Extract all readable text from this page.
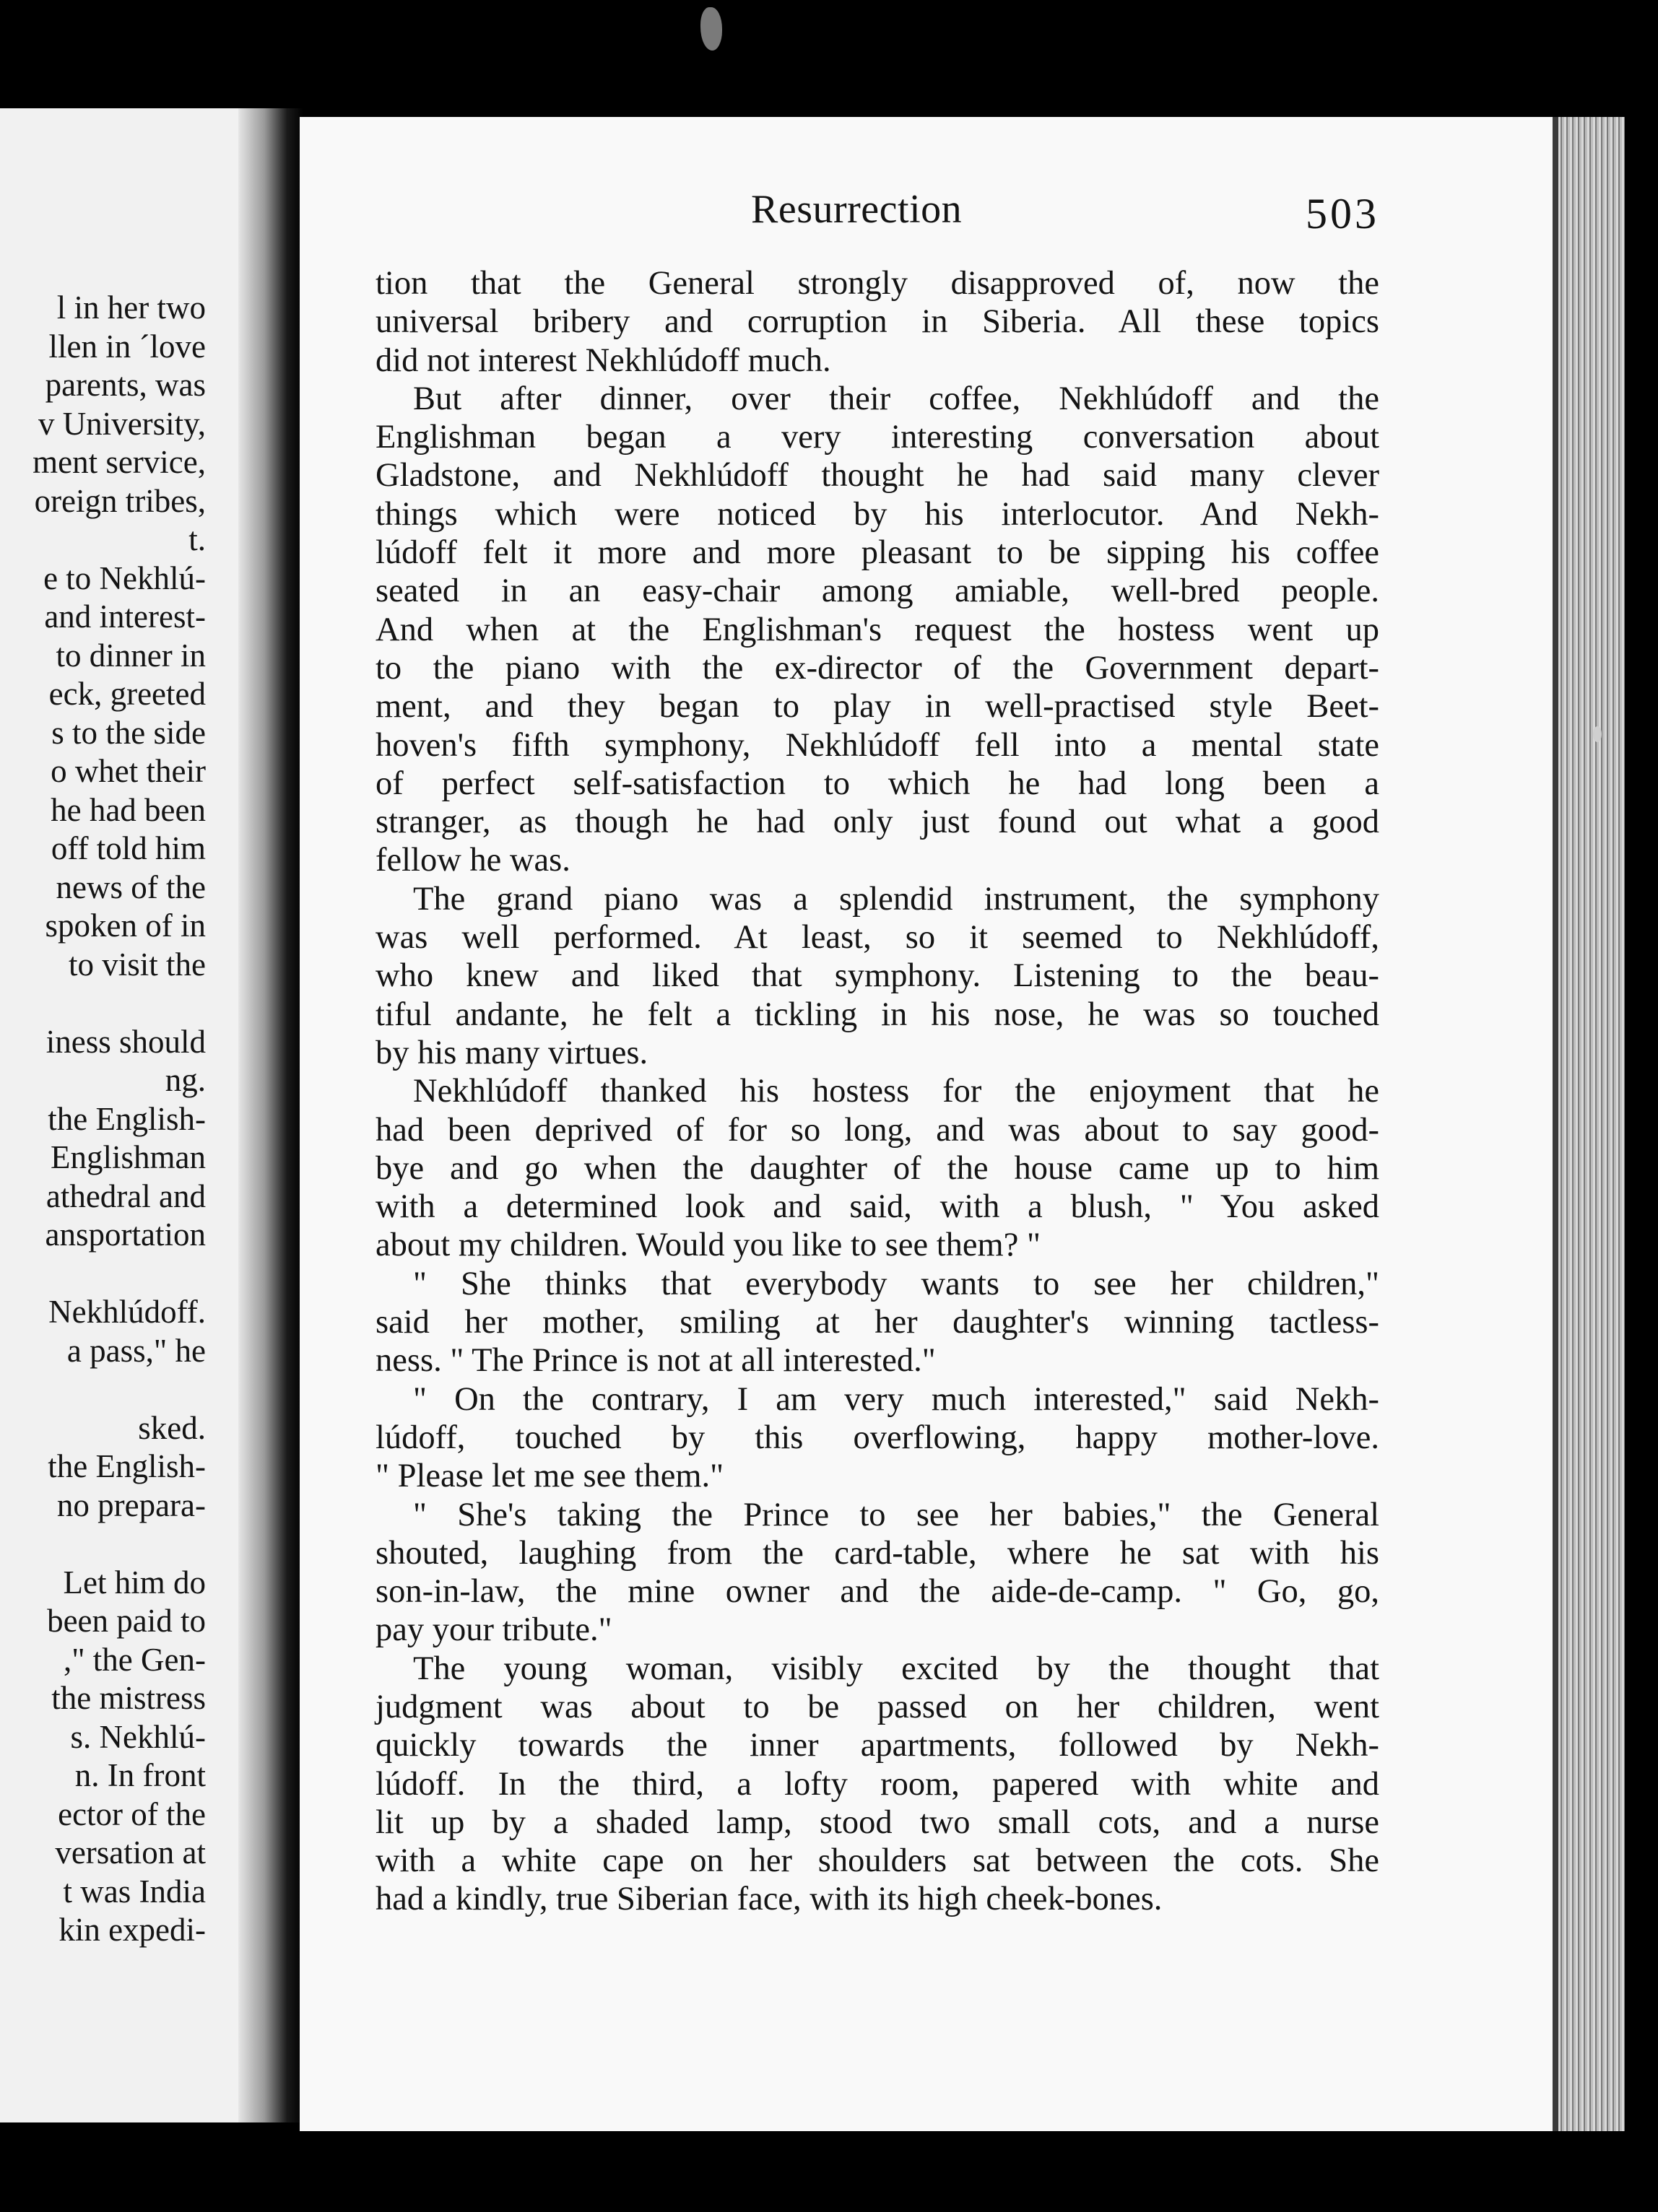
l in her two
llen in ˊlove
parents, was
v University,
ment service,
oreign tribes,
t.
e to Nekhlú-
and interest-
to dinner in
eck, greeted
s to the side
o whet their
he had been
off told him
news of the
spoken of in
to visit the
iness should
ng.
the English-
Englishman
athedral and
ansportation
Nekhlúdoff.
a pass," he
sked.
the English-
no prepara-
Let him do
been paid to
," the Gen-
the mistress
s. Nekhlú-
n. In front
ector of the
versation at
t was India
kin expedi-
Resurrection	503
tion that the General strongly disapproved of, now the
universal bribery and corruption in Siberia. All these topics
did not interest Nekhlúdoff much.
But after dinner, over their coffee, Nekhlúdoff and the
Englishman began a very interesting conversation about
Gladstone, and Nekhlúdoff thought he had said many clever
things which were noticed by his interlocutor. And Nekh-
lúdoff felt it more and more pleasant to be sipping his coffee
seated in an easy-chair among amiable, well-bred people.
And when at the Englishman's request the hostess went up
to the piano with the ex-director of the Government depart-
ment, and they began to play in well-practised style Beet-
hoven's fifth symphony, Nekhlúdoff fell into a mental state
of perfect self-satisfaction to which he had long been a
stranger, as though he had only just found out what a good
fellow he was.
The grand piano was a splendid instrument, the symphony
was well performed. At least, so it seemed to Nekhlúdoff,
who knew and liked that symphony. Listening to the beau-
tiful andante, he felt a tickling in his nose, he was so touched
by his many virtues.
Nekhlúdoff thanked his hostess for the enjoyment that he
had been deprived of for so long, and was about to say good-
bye and go when the daughter of the house came up to him
with a determined look and said, with a blush, " You asked
about my children. Would you like to see them? "
" She thinks that everybody wants to see her children,"
said her mother, smiling at her daughter's winning tactless-
ness. " The Prince is not at all interested."
" On the contrary, I am very much interested," said Nekh-
lúdoff, touched by this overflowing, happy mother-love.
" Please let me see them."
" She's taking the Prince to see her babies," the General
shouted, laughing from the card-table, where he sat with his
son-in-law, the mine owner and the aide-de-camp. " Go, go,
pay your tribute."
The young woman, visibly excited by the thought that
judgment was about to be passed on her children, went
quickly towards the inner apartments, followed by Nekh-
lúdoff. In the third, a lofty room, papered with white and
lit up by a shaded lamp, stood two small cots, and a nurse
with a white cape on her shoulders sat between the cots. She
had a kindly, true Siberian face, with its high cheek-bones.
